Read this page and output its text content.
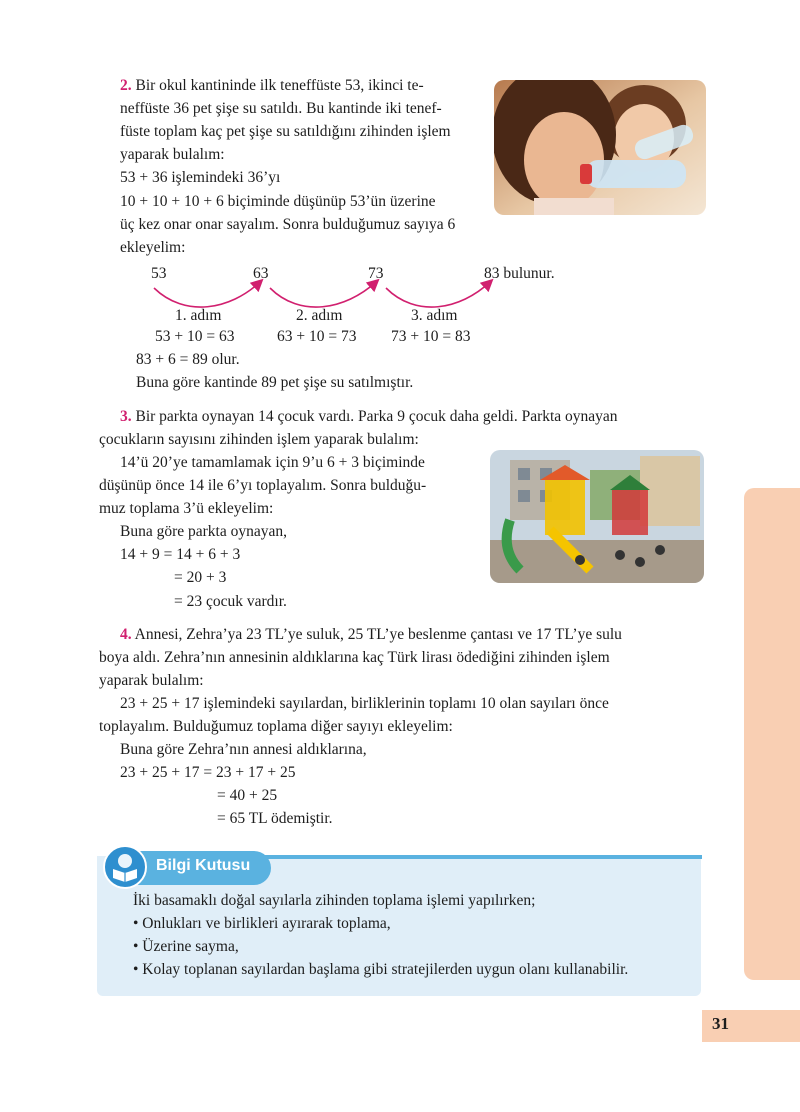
31
2. Bir okul kantininde ilk teneffüste 53, ikinci te-
neffüste 36 pet şişe su satıldı. Bu kantinde iki tenef-
füste toplam kaç pet şişe su satıldığını zihinden işlem
yaparak bulalım:
53 + 36 işlemindeki 36’yı
10 + 10 + 10 + 6 biçiminde düşünüp 53’ün üzerine
üç kez onar onar sayalım. Sonra bulduğumuz sayıya 6
ekleyelim:
53	63	73	83 bulunur.
1. adım	2. adım	3. adım
53 + 10 = 63	63 + 10 = 73 73 + 10 = 83
83 + 6 = 89 olur.
Buna göre kantinde 89 pet şişe su satılmıştır.
3. Bir parkta oynayan 14 çocuk vardı. Parka 9 çocuk daha geldi. Parkta oynayan
çocukların sayısını zihinden işlem yaparak bulalım:
14’ü 20’ye tamamlamak için 9’u 6 + 3 biçiminde
düşünüp önce 14 ile 6’yı toplayalım. Sonra bulduğu-
muz toplama 3’ü ekleyelim:
Buna göre parkta oynayan,
14 + 9 = 14 + 6 + 3
= 20 + 3
= 23 çocuk vardır.
4. Annesi, Zehra’ya 23 TL’ye suluk, 25 TL’ye beslenme çantası ve 17 TL’ye sulu
boya aldı. Zehra’nın annesinin aldıklarına kaç Türk lirası ödediğini zihinden işlem
yaparak bulalım:
23 + 25 + 17 işlemindeki sayılardan, birliklerinin toplamı 10 olan sayıları önce
toplayalım. Bulduğumuz toplama diğer sayıyı ekleyelim:
Buna göre Zehra’nın annesi aldıklarına,
23 + 25 + 17 = 23 + 17 + 25
= 40 + 25
= 65 TL ödemiştir.
Bilgi Kutusu
İki basamaklı doğal sayılarla zihinden toplama işlemi yapılırken;
• Onlukları ve birlikleri ayırarak toplama,
• Üzerine sayma,
• Kolay toplanan sayılardan başlama gibi stratejilerden uygun olanı kullanabilir.
